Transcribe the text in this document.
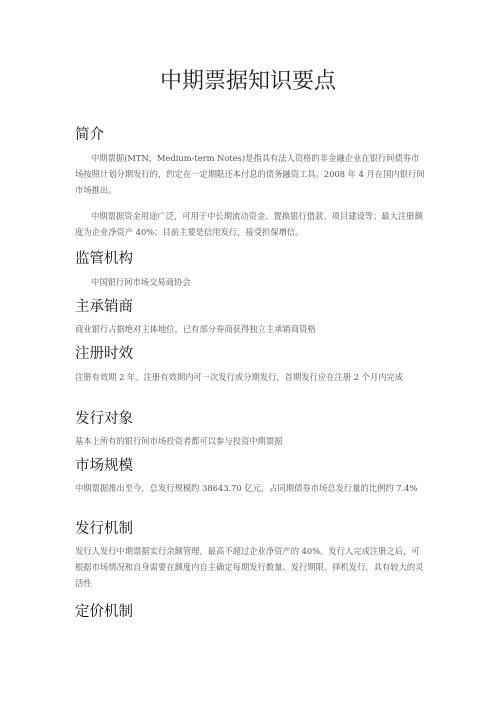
中期票据知识要点
简介

中期票据(MTN，Medium-term Notes)是指具有法人资格的非金融企业在银行间债券市场按照计划分期发行的，约定在一定期限还本付息的债务融资工具。2008 年 4 月在国内银行间市场推出。

中期票据资金用途广泛，可用于中长期流动资金、置换银行借款、项目建设等；最大注册额度为企业净资产 40%；目前主要是信用发行，接受担保增信。

监管机构

中国银行间市场交易商协会

主承销商

商业银行占据绝对主体地位，已有部分券商获得独立主承销商资格

注册时效

注册有效期 2 年。注册有效期内可一次发行或分期发行，首期发行应在注册 2 个月内完成

发行对象

基本上所有的银行间市场投资者都可以参与投资中期票据

市场规模

中期票据推出至今，总发行规模约 38643.70 亿元，占同期债券市场总发行量的比例约 7.4%

发行机制

发行人发行中期票据实行余额管理，最高不超过企业净资产的 40%。发行人完成注册之后，可根据市场情况和自身需要在额度内自主确定每期发行数量、发行期限、择机发行，具有较大的灵活性

定价机制
